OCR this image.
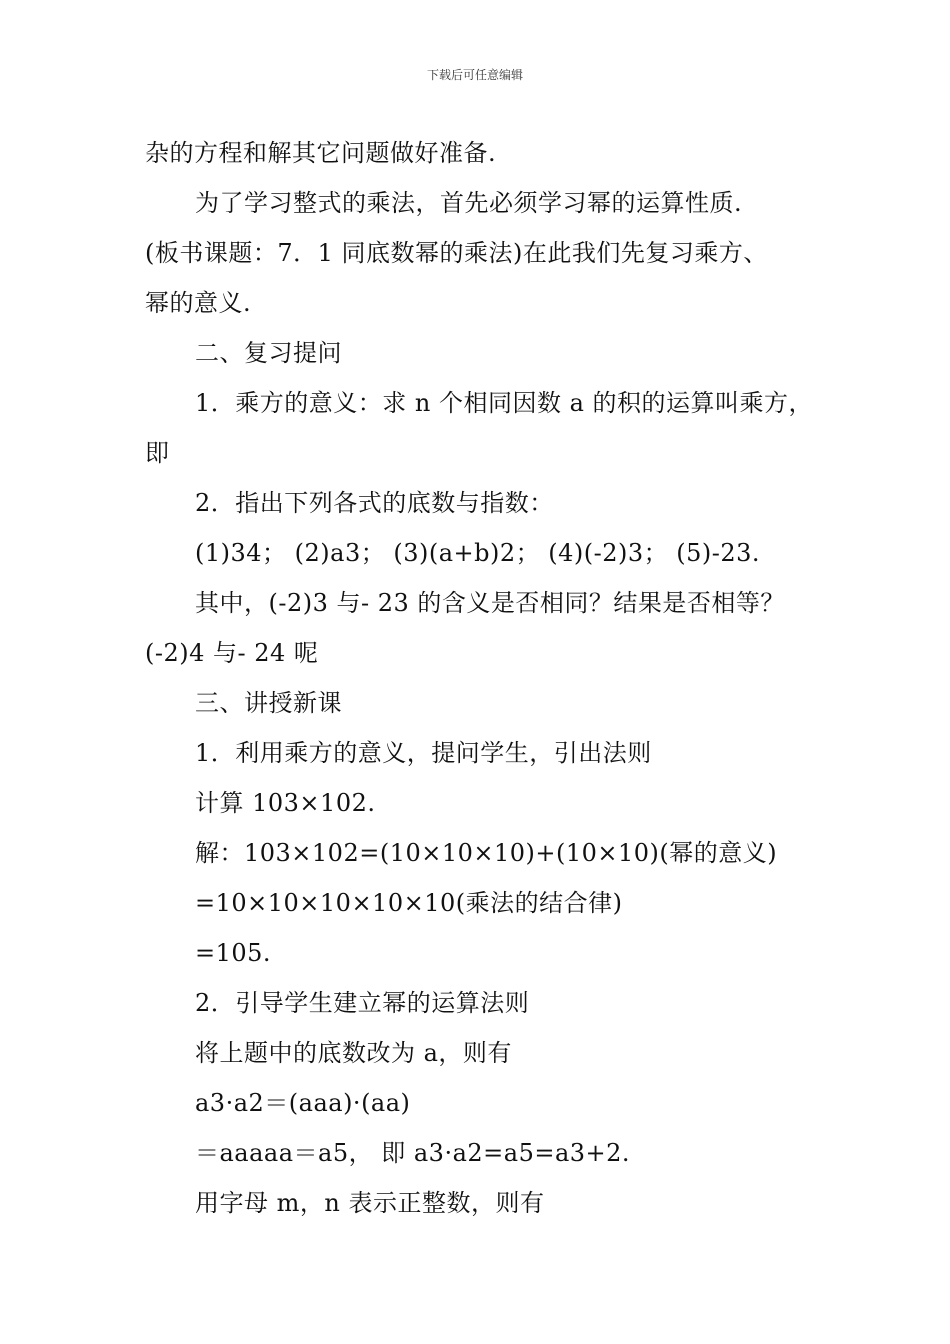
下载后可任意编辑
杂的方程和解其它问题做好准备.
为了学习整式的乘法，首先必须学习幂的运算性质.
(板书课题：7．1 同底数幂的乘法)在此我们先复习乘方、
幂的意义.
二、复习提问
1．乘方的意义：求 n 个相同因数 a 的积的运算叫乘方，
即
2．指出下列各式的底数与指数：
(1)34； (2)a3； (3)(a+b)2； (4)(-2)3； (5)-23.
其中，(-2)3 与- 23 的含义是否相同？结果是否相等？
(-2)4 与- 24 呢
三、讲授新课
1．利用乘方的意义，提问学生，引出法则
计算 103×102.
解：103×102=(10×10×10)+(10×10)(幂的意义)
=10×10×10×10×10(乘法的结合律)
=105.
2．引导学生建立幂的运算法则
将上题中的底数改为 a，则有
a3·a2＝(aaa)·(aa)
＝aaaaa＝a5， 即 a3·a2=a5=a3+2.
用字母 m，n 表示正整数，则有
